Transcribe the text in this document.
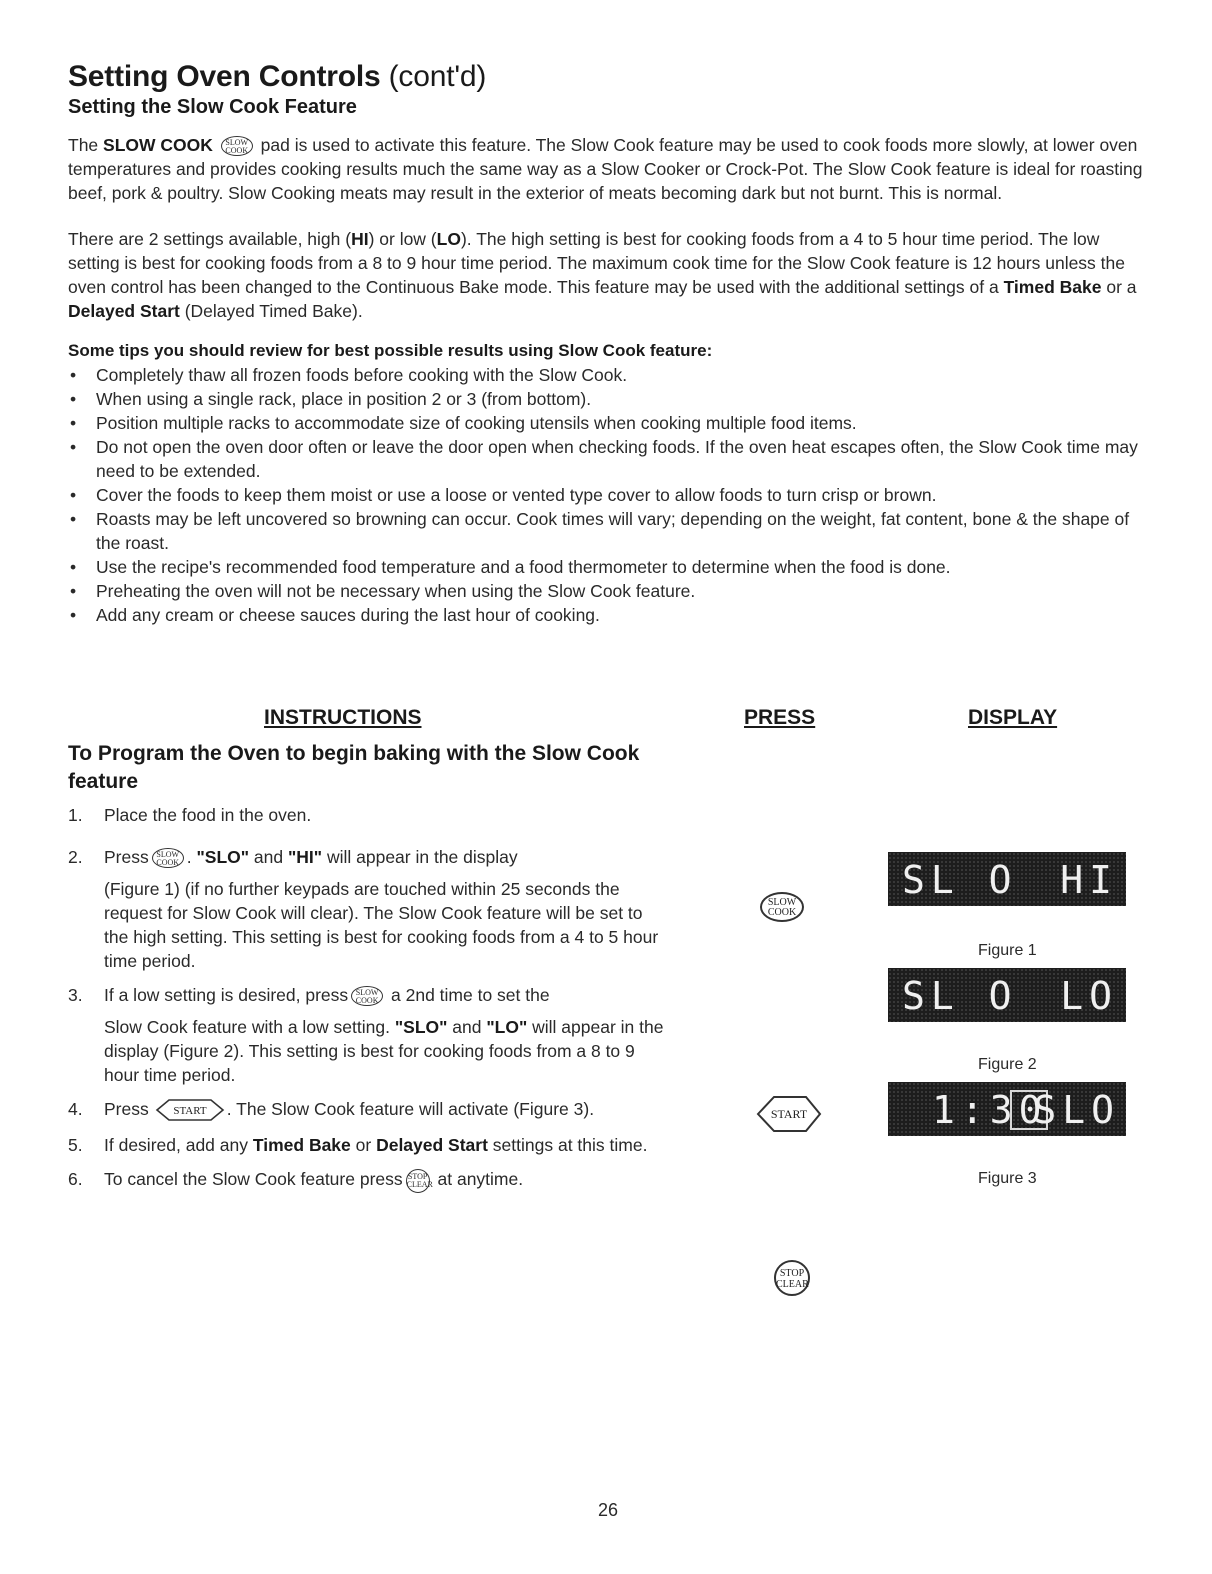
Setting Oven Controls (cont'd)
Setting the Slow Cook Feature

The SLOW COOK	SLOW
COOK pad is used to activate this feature. The Slow Cook feature may be used to cook foods more slowly, at lower oven temperatures and provides cooking results much the same way as a Slow Cooker or Crock-Pot. The Slow Cook feature is ideal for roasting beef, pork & poultry. Slow Cooking meats may result in the exterior of meats becoming dark but not burnt. This is normal.

There are 2 settings available, high (HI) or low (LO). The high setting is best for cooking foods from a 4 to 5 hour time period. The low setting is best for cooking foods from a 8 to 9 hour time period. The maximum cook time for the Slow Cook feature is 12 hours unless the oven control has been changed to the Continuous Bake mode. This feature may be used with the additional settings of a Timed Bake or a Delayed Start (Delayed Timed Bake).

Some tips you should review for best possible results using Slow Cook feature:
• Completely thaw all frozen foods before cooking with the Slow Cook.
• When using a single rack, place in position 2 or 3 (from bottom).
• Position multiple racks to accommodate size of cooking utensils when cooking multiple food items.
• Do not open the oven door often or leave the door open when checking foods. If the oven heat escapes often, the Slow Cook time may need to be extended.
• Cover the foods to keep them moist or use a loose or vented type cover to allow foods to turn crisp or brown.
• Roasts may be left uncovered so browning can occur. Cook times will vary; depending on the weight, fat content, bone & the shape of the roast.
• Use the recipe's recommended food temperature and a food thermometer to determine when the food is done.
• Preheating the oven will not be necessary when using the Slow Cook feature.
• Add any cream or cheese sauces during the last hour of cooking.
INSTRUCTIONS	PRESS	DISPLAY
To Program the Oven to begin baking with the Slow Cook feature
1. Place the food in the oven.
2. Press SLOW
COOK . "SLO" and "HI" will appear in the display
(Figure 1) (if no further keypads are touched within 25 seconds the request for Slow Cook will clear). The Slow Cook feature will be set to the high setting. This setting is best for cooking foods from a 4 to 5 hour time period.
3. If a low setting is desired, press SLOW
COOK a 2nd time to set the
Slow Cook feature with a low setting. "SLO" and "LO" will appear in the display (Figure 2). This setting is best for cooking foods from a 8 to 9 hour time period.
4. Press START . The Slow Cook feature will activate (Figure 3).
5. If desired, add any Timed Bake or Delayed Start settings at this time.
6. To cancel the Slow Cook feature press STOP
CLEAR at anytime.
SLOW
COOK
START
STOP
CLEAR
SL O HI
Figure 1
SL O LO
Figure 2
1:30
SLO
Figure 3
26
